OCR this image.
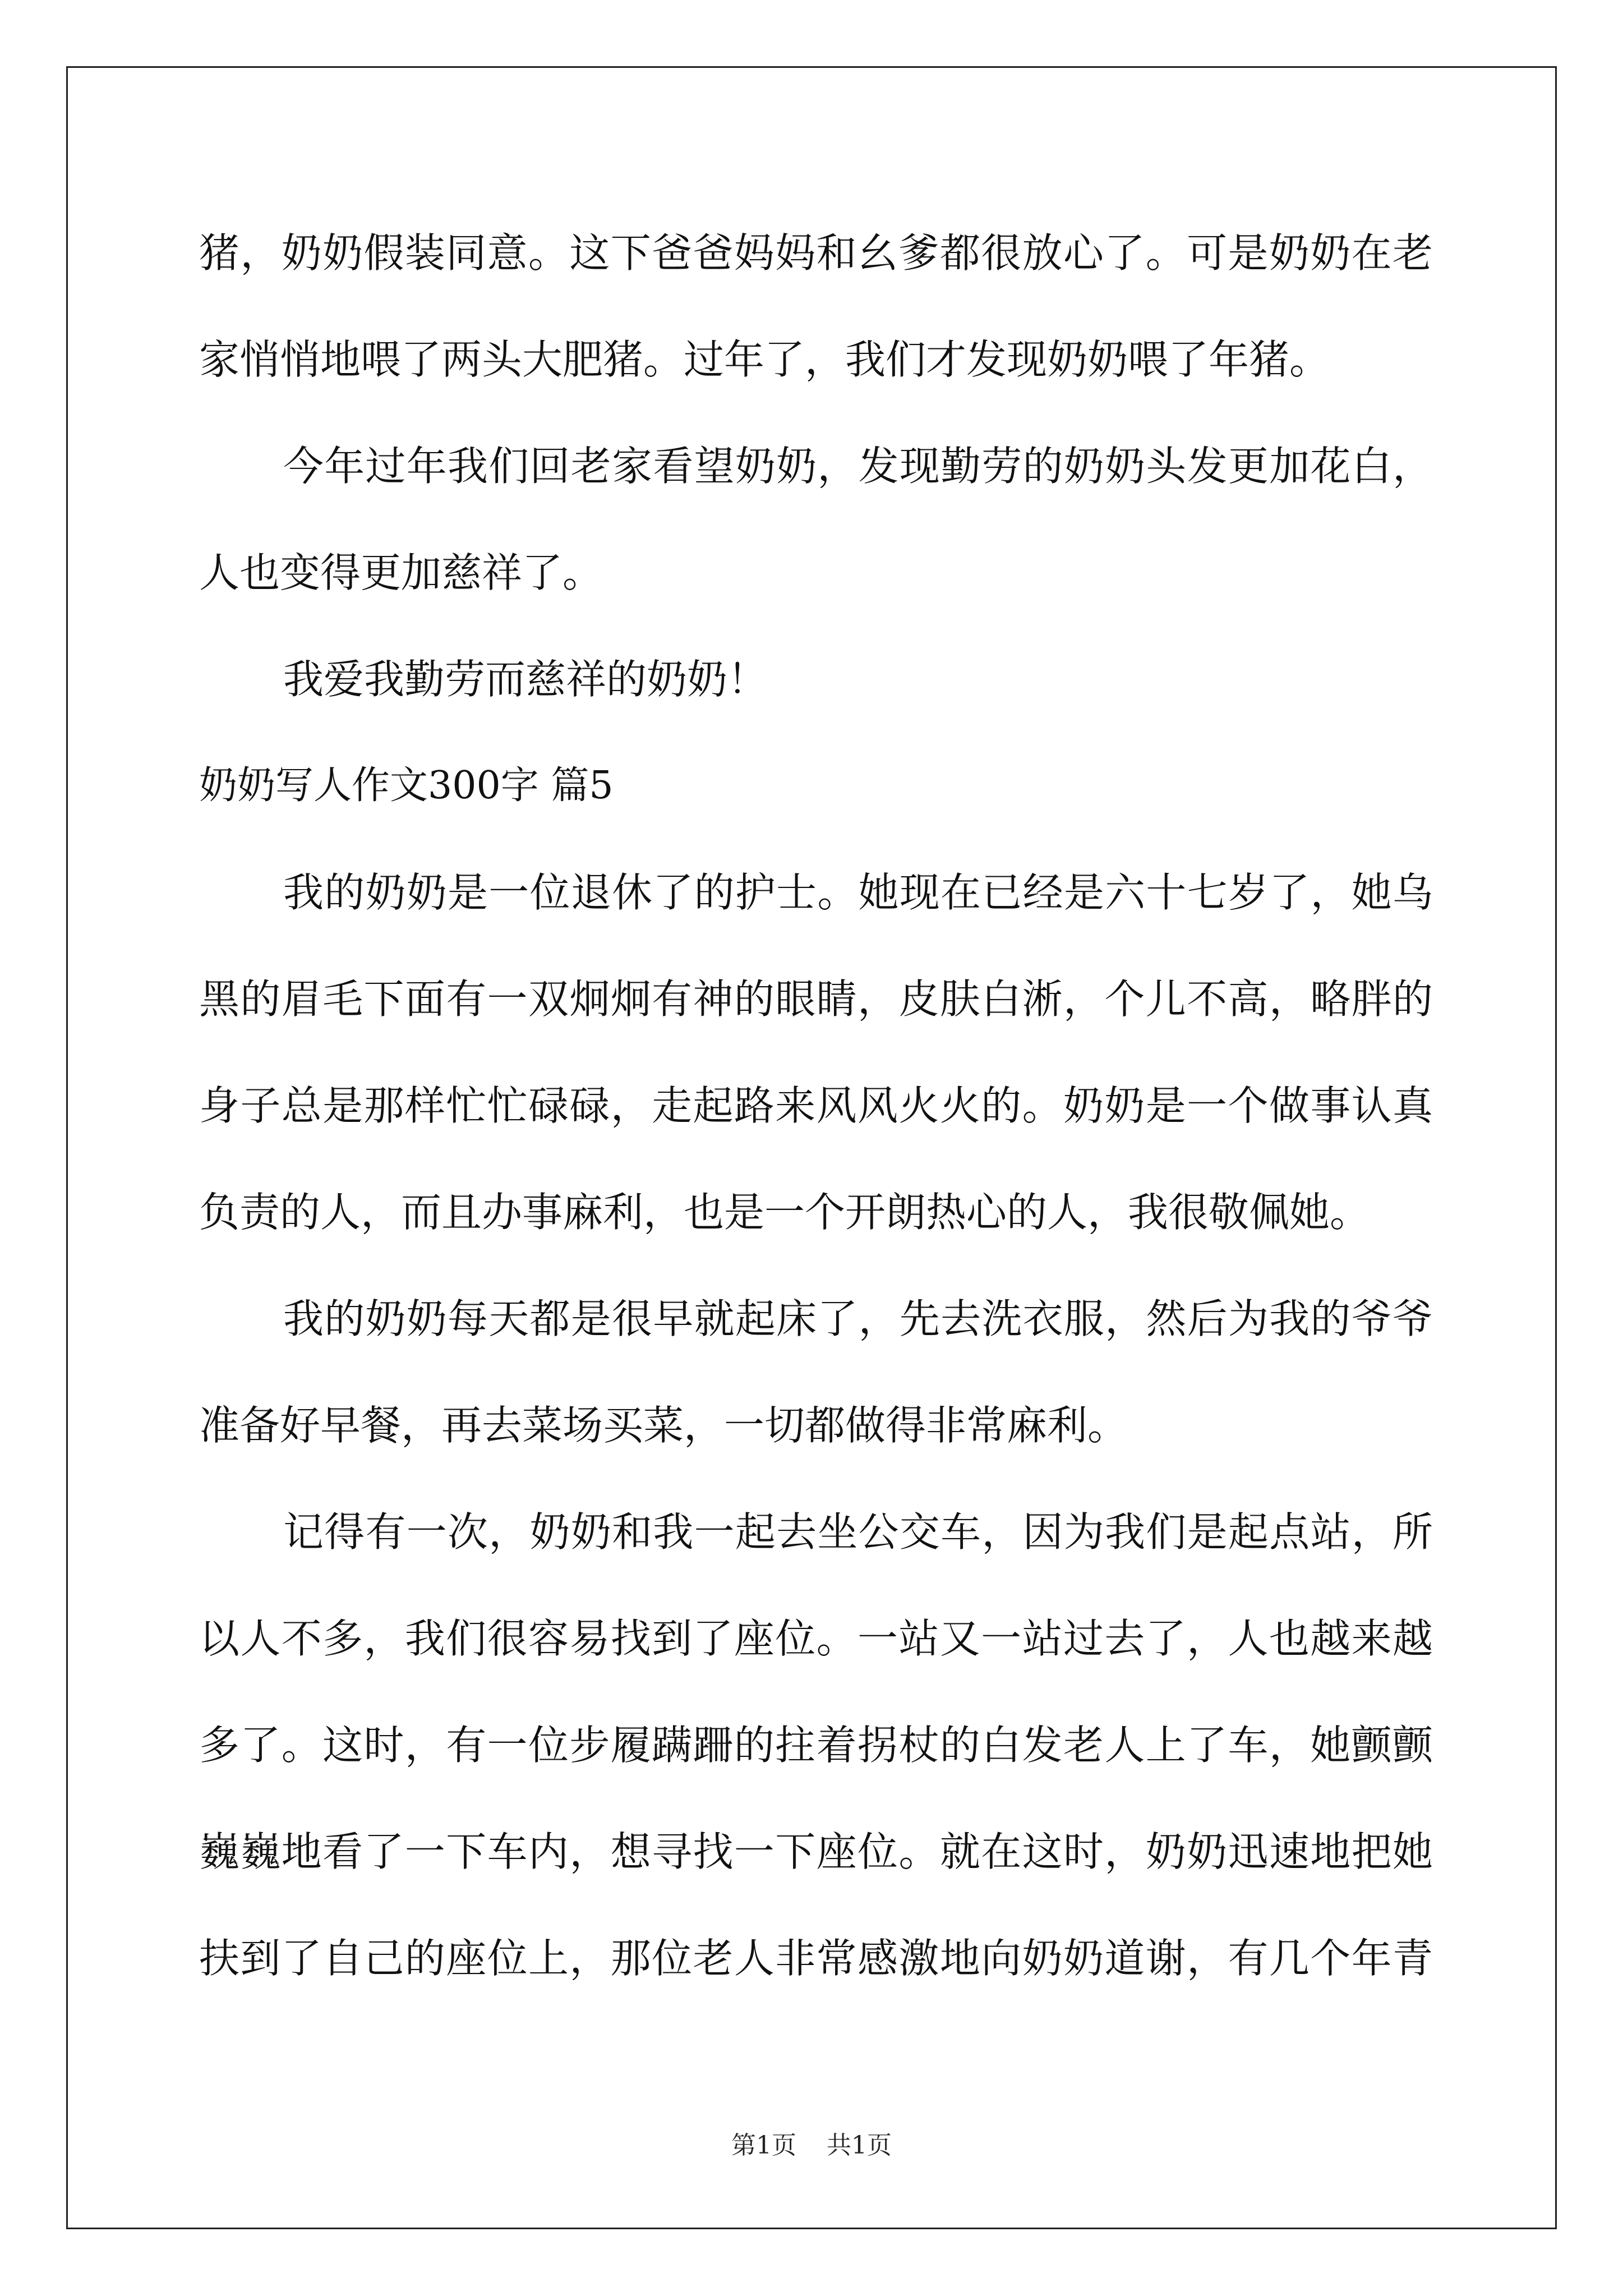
猪，奶奶假装同意。这下爸爸妈妈和幺爹都很放心了。可是奶奶在老
家悄悄地喂了两头大肥猪。过年了，我们才发现奶奶喂了年猪。
今年过年我们回老家看望奶奶，发现勤劳的奶奶头发更加花白，
人也变得更加慈祥了。
我爱我勤劳而慈祥的奶奶！
奶奶写人作文300字 篇5
我的奶奶是一位退休了的护士。她现在已经是六十七岁了，她乌
黑的眉毛下面有一双炯炯有神的眼睛，皮肤白淅，个儿不高，略胖的
身子总是那样忙忙碌碌，走起路来风风火火的。奶奶是一个做事认真
负责的人，而且办事麻利，也是一个开朗热心的人，我很敬佩她。
我的奶奶每天都是很早就起床了，先去洗衣服，然后为我的爷爷
准备好早餐，再去菜场买菜，一切都做得非常麻利。
记得有一次，奶奶和我一起去坐公交车，因为我们是起点站，所
以人不多，我们很容易找到了座位。一站又一站过去了，人也越来越
多了。这时，有一位步履蹒跚的拄着拐杖的白发老人上了车，她颤颤
巍巍地看了一下车内，想寻找一下座位。就在这时，奶奶迅速地把她
扶到了自己的座位上，那位老人非常感激地向奶奶道谢，有几个年青
第1页 共1页
